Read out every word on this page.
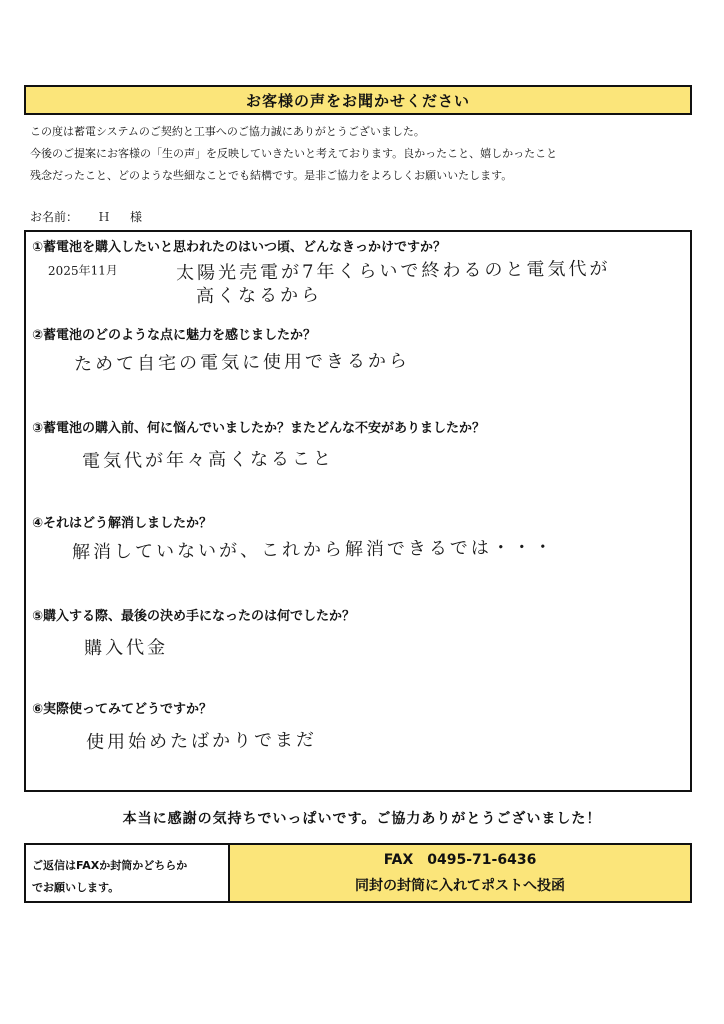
お客様の声をお聞かせください
この度は蓄電システムのご契約と工事へのご協力誠にありがとうございました。
今後のご提案にお客様の「生の声」を反映していきたいと考えております。良かったこと、嬉しかったこと
残念だったこと、どのような些細なことでも結構です。是非ご協力をよろしくお願いいたします。
お名前： Ｈ 様
①蓄電池を購入したいと思われたのはいつ頃、どんなきっかけですか？
2025年11月	太陽光売電が7年くらいで終わるのと電気代が
高くなるから
②蓄電池のどのような点に魅力を感じましたか？
ためて自宅の電気に使用できるから
③蓄電池の購入前、何に悩んでいましたか？またどんな不安がありましたか？
電気代が年々高くなること
④それはどう解消しましたか？
解消していないが、これから解消できるでは・・・
⑤購入する際、最後の決め手になったのは何でしたか？
購入代金
⑥実際使ってみてどうですか？
使用始めたばかりでまだ
本当に感謝の気持ちでいっぱいです。ご協力ありがとうございました！
ご返信はFAXか封筒かどちらか
でお願いします。
FAX　0495-71-6436
同封の封筒に入れてポストへ投函
